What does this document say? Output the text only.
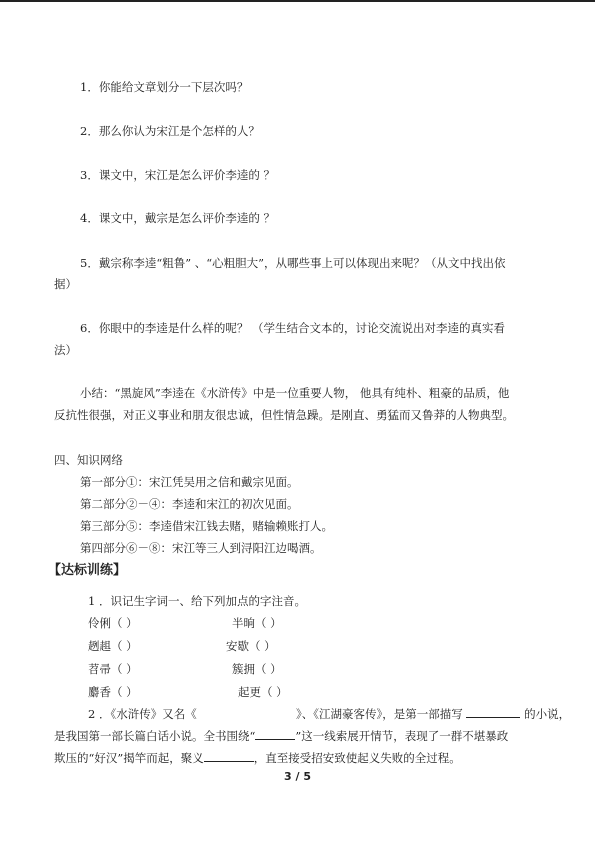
1．你能给文章划分一下层次吗？
2．那么你认为宋江是个怎样的人？
3．课文中，宋江是怎么评价李逵的 ？
4．课文中，戴宗是怎么评价李逵的 ？
5．戴宗称李逵“粗鲁” 、“心粗胆大”，从哪些事上可以体现出来呢？（从文中找出依
据）
6．你眼中的李逵是什么样的呢？ （学生结合文本的，讨论交流说出对李逵的真实看
法）
小结：“黑旋风”李逵在《水浒传》中是一位重要人物， 他具有纯朴、粗豪的品质，他
反抗性很强，对正义事业和朋友很忠诚，但性情急躁。是刚直、勇猛而又鲁莽的人物典型。
四、知识网络
第一部分①：宋江凭吴用之信和戴宗见面。
第二部分②－④：李逵和宋江的初次见面。
第三部分⑤：李逵借宋江钱去赌，赌输赖账打人。
第四部分⑥－⑧：宋江等三人到浔阳江边喝酒。
【达标训练】
1 ．识记生字词一、给下列加点的字注音。
伶俐（ ）	半晌（ ）
趔趄（ ）	安歇（ ）
苕帚（ ）	簇拥（ ）
麝香（ ）	起更（ ）
2 ．《水浒传》又名《	》、《江湖豪客传》，是第一部描写	的小说，
是我国第一部长篇白话小说。全书围绕“	”这一线索展开情节，表现了一群不堪暴政
欺压的“好汉”揭竿而起，聚义	，直至接受招安致使起义失败的全过程。
3 / 5
